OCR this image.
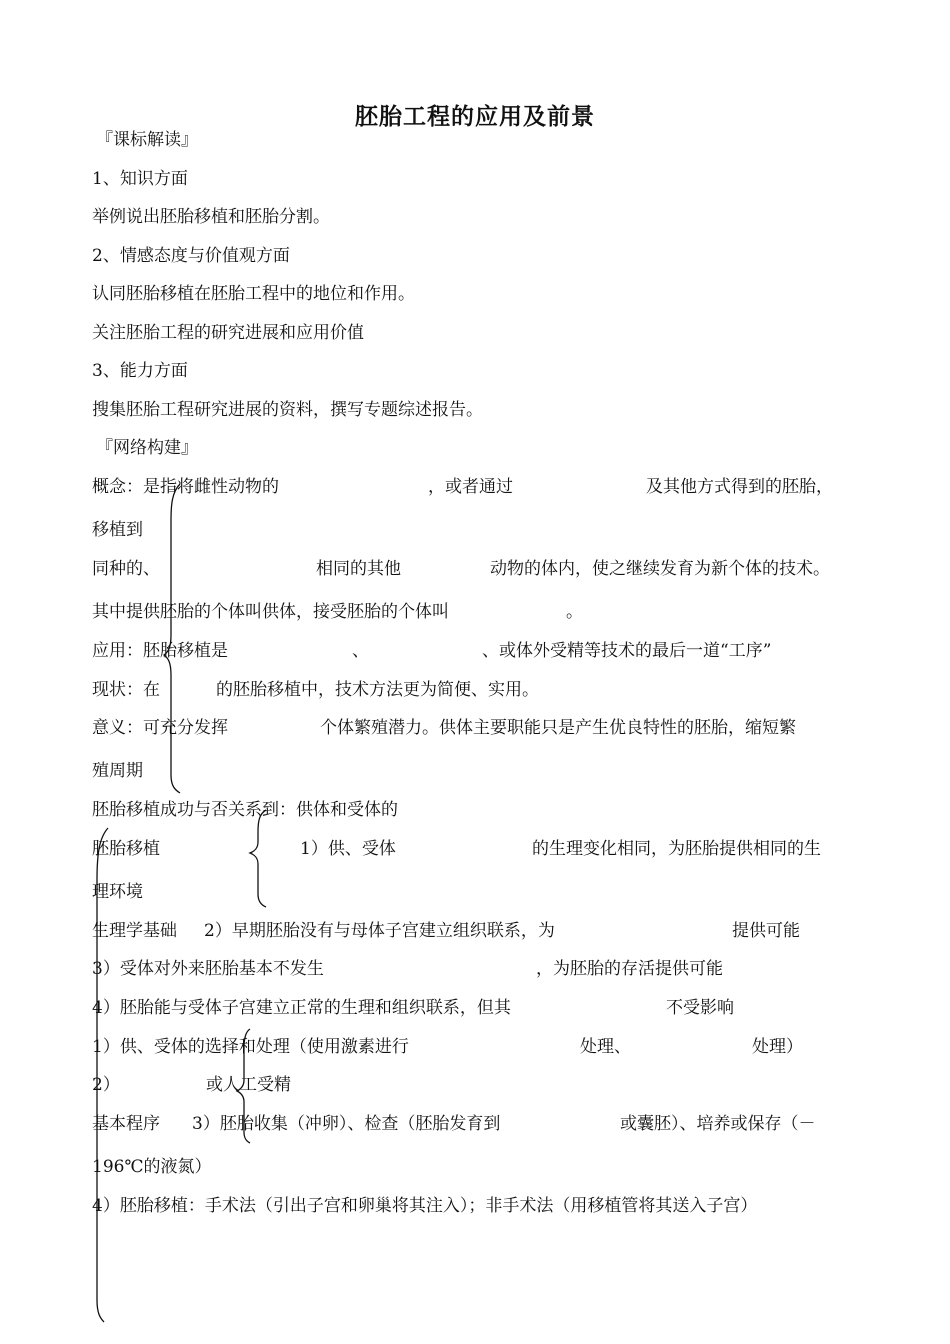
胚胎工程的应用及前景
『课标解读』
1、知识方面
举例说出胚胎移植和胚胎分割。
2、情感态度与价值观方面
认同胚胎移植在胚胎工程中的地位和作用。
关注胚胎工程的研究进展和应用价值
3、能力方面
搜集胚胎工程研究进展的资料，撰写专题综述报告。
『网络构建』
概念：是指将雌性动物的	，或者通过	及其他方式得到的胚胎，
移植到
同种的、	相同的其他	动物的体内，使之继续发育为新个体的技术。
其中提供胚胎的个体叫供体，接受胚胎的个体叫	。
应用：胚胎移植是	、	、或体外受精等技术的最后一道“工序”
现状：在	的胚胎移植中，技术方法更为简便、实用。
意义：可充分发挥	个体繁殖潜力。供体主要职能只是产生优良特性的胚胎，缩短繁
殖周期
胚胎移植成功与否关系到：供体和受体的
胚胎移植	1）供、受体	的生理变化相同，为胚胎提供相同的生
理环境
生理学基础 2）早期胚胎没有与母体子宫建立组织联系，为	提供可能
3）受体对外来胚胎基本不发生	，为胚胎的存活提供可能
4）胚胎能与受体子宫建立正常的生理和组织联系，但其	不受影响
1）供、受体的选择和处理（使用激素进行	处理、	处理）
2）	或人工受精
基本程序 3）胚胎收集（冲卵）、检查（胚胎发育到	或囊胚）、培养或保存（－
196℃的液氮）
4）胚胎移植：手术法（引出子宫和卵巢将其注入）；非手术法（用移植管将其送入子宫）
